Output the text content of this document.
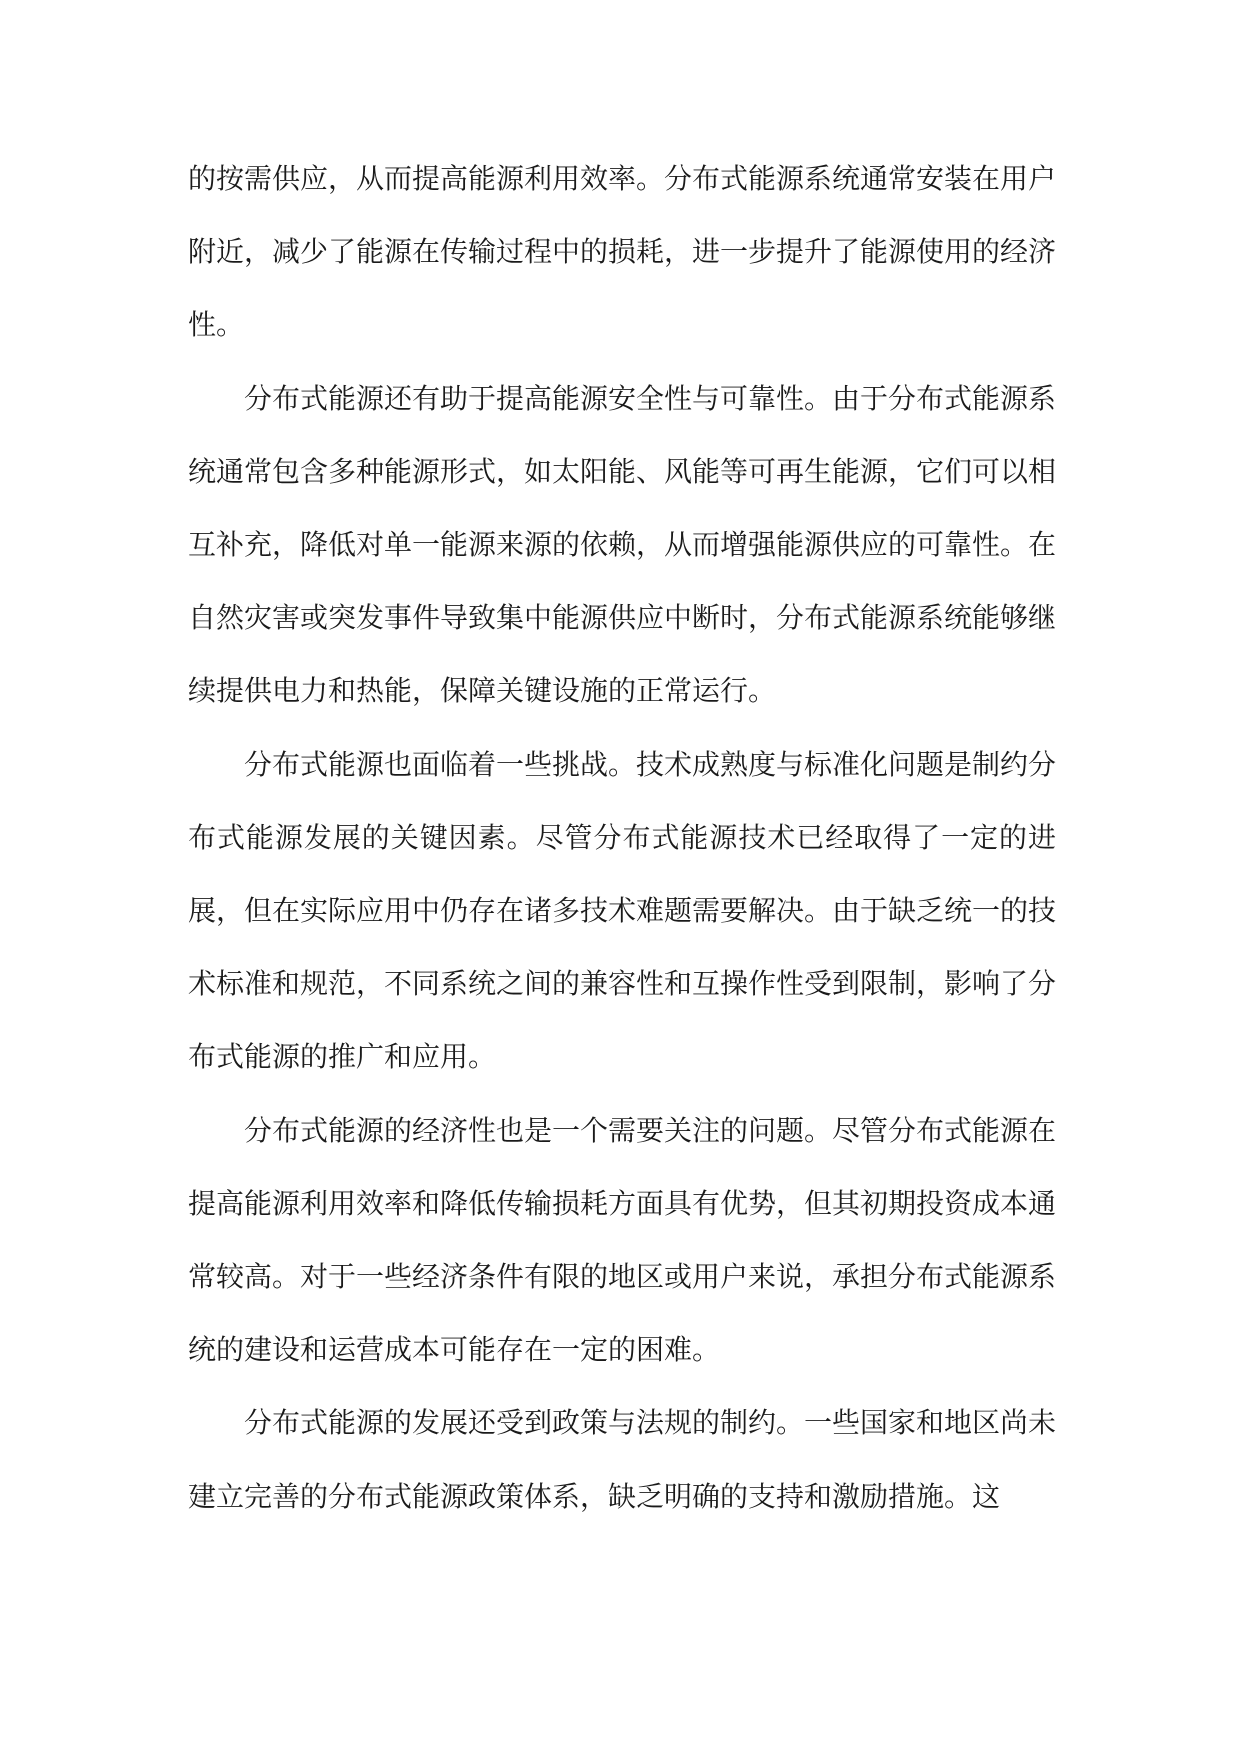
的按需供应，从而提高能源利用效率。分布式能源系统通常安装在用户附近，减少了能源在传输过程中的损耗，进一步提升了能源使用的经济性。

分布式能源还有助于提高能源安全性与可靠性。由于分布式能源系统通常包含多种能源形式，如太阳能、风能等可再生能源，它们可以相互补充，降低对单一能源来源的依赖，从而增强能源供应的可靠性。在自然灾害或突发事件导致集中能源供应中断时，分布式能源系统能够继续提供电力和热能，保障关键设施的正常运行。

分布式能源也面临着一些挑战。技术成熟度与标准化问题是制约分布式能源发展的关键因素。尽管分布式能源技术已经取得了一定的进展，但在实际应用中仍存在诸多技术难题需要解决。由于缺乏统一的技术标准和规范，不同系统之间的兼容性和互操作性受到限制，影响了分布式能源的推广和应用。

分布式能源的经济性也是一个需要关注的问题。尽管分布式能源在提高能源利用效率和降低传输损耗方面具有优势，但其初期投资成本通常较高。对于一些经济条件有限的地区或用户来说，承担分布式能源系统的建设和运营成本可能存在一定的困难。

分布式能源的发展还受到政策与法规的制约。一些国家和地区尚未建立完善的分布式能源政策体系，缺乏明确的支持和激励措施。这
